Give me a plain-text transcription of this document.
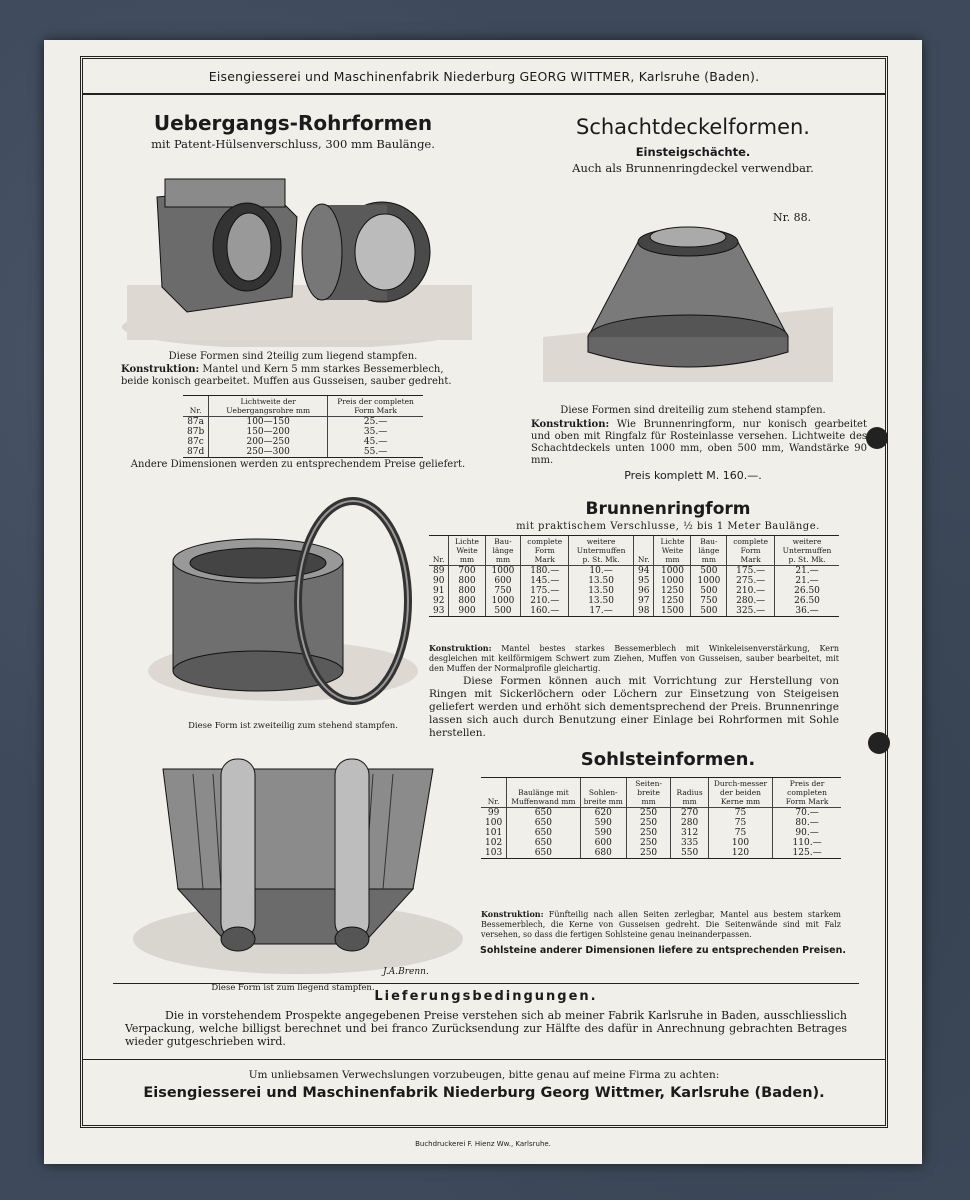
Eisengiesserei und Maschinenfabrik Niederburg GEORG WITTMER, Karlsruhe (Baden).
Uebergangs-Rohrformen
mit Patent-Hülsenverschluss, 300 mm Baulänge.
Diese Formen sind 2teilig zum liegend stampfen.
Konstruktion: Mantel und Kern 5 mm starkes Bessemerblech, beide konisch gearbeitet. Muffen aus Gusseisen, sauber gedreht.
Nr.	Lichtweite der Uebergangsrohre mm	Preis der completen Form Mark
87a	100—150	25.—
87b	150—200	35.—
87c	200—250	45.—
87d	250—300	55.—
Andere Dimensionen werden zu entsprechendem Preise geliefert.
Schachtdeckelformen.
Einsteigschächte.
Auch als Brunnenringdeckel verwendbar.
Nr. 88.
Diese Formen sind dreiteilig zum stehend stampfen.
Konstruktion: Wie Brunnenringform, nur konisch gearbeitet und oben mit Ringfalz für Rosteinlasse versehen. Lichtweite des Schachtdeckels unten 1000 mm, oben 500 mm, Wandstärke 90 mm.
Preis komplett M. 160.—.
Diese Form ist zweiteilig zum stehend stampfen.
J.A.Brenn.
Diese Form ist zum liegend stampfen.
Brunnenringform
mit praktischem Verschlusse, ½ bis 1 Meter Baulänge.
Nr.	Lichte Weite mm	Bau-länge mm	complete Form Mark	weitere Untermuffen p. St. Mk.	Nr.	Lichte Weite mm	Bau-länge mm	complete Form Mark	weitere Untermuffen p. St. Mk.
89	700	1000	180.—	10.—	94	1000	500	175.—	21.—
90	800	600	145.—	13.50	95	1000	1000	275.—	21.—
91	800	750	175.—	13.50	96	1250	500	210.—	26.50
92	800	1000	210.—	13.50	97	1250	750	280.—	26.50
93	900	500	160.—	17.—	98	1500	500	325.—	36.—
Konstruktion: Mantel bestes starkes Bessemerblech mit Winkeleisenverstärkung, Kern desgleichen mit keilförmigem Schwert zum Ziehen, Muffen von Gusseisen, sauber bearbeitet, mit den Muffen der Normalprofile gleichartig.
Diese Formen können auch mit Vorrichtung zur Herstellung von Ringen mit Sickerlöchern oder Löchern zur Einsetzung von Steigeisen geliefert werden und erhöht sich dementsprechend der Preis. Brunnenringe lassen sich auch durch Benutzung einer Einlage bei Rohrformen mit Sohle herstellen.
Sohlsteinformen.
Nr.	Baulänge mit Muffenwand mm	Sohlen-breite mm	Seiten-breite mm	Radius mm	Durch-messer der beiden Kerne mm	Preis der completen Form Mark
99	650	620	250	270	75	70.—
100	650	590	250	280	75	80.—
101	650	590	250	312	75	90.—
102	650	600	250	335	100	110.—
103	650	680	250	550	120	125.—
Konstruktion: Fünfteilig nach allen Seiten zerlegbar, Mantel aus bestem starkem Bessemerblech, die Kerne von Gusseisen gedreht. Die Seitenwände sind mit Falz versehen, so dass die fertigen Sohlsteine genau ineinanderpassen.
Sohlsteine anderer Dimensionen liefere zu entsprechenden Preisen.
Lieferungsbedingungen.
Die in vorstehendem Prospekte angegebenen Preise verstehen sich ab meiner Fabrik Karlsruhe in Baden, ausschliesslich Verpackung, welche billigst berechnet und bei franco Zurücksendung zur Hälfte des dafür in Anrechnung gebrachten Betrages wieder gutgeschrieben wird.
Um unliebsamen Verwechslungen vorzubeugen, bitte genau auf meine Firma zu achten:
Eisengiesserei und Maschinenfabrik Niederburg Georg Wittmer, Karlsruhe (Baden).
Buchdruckerei F. Hienz Ww., Karlsruhe.
